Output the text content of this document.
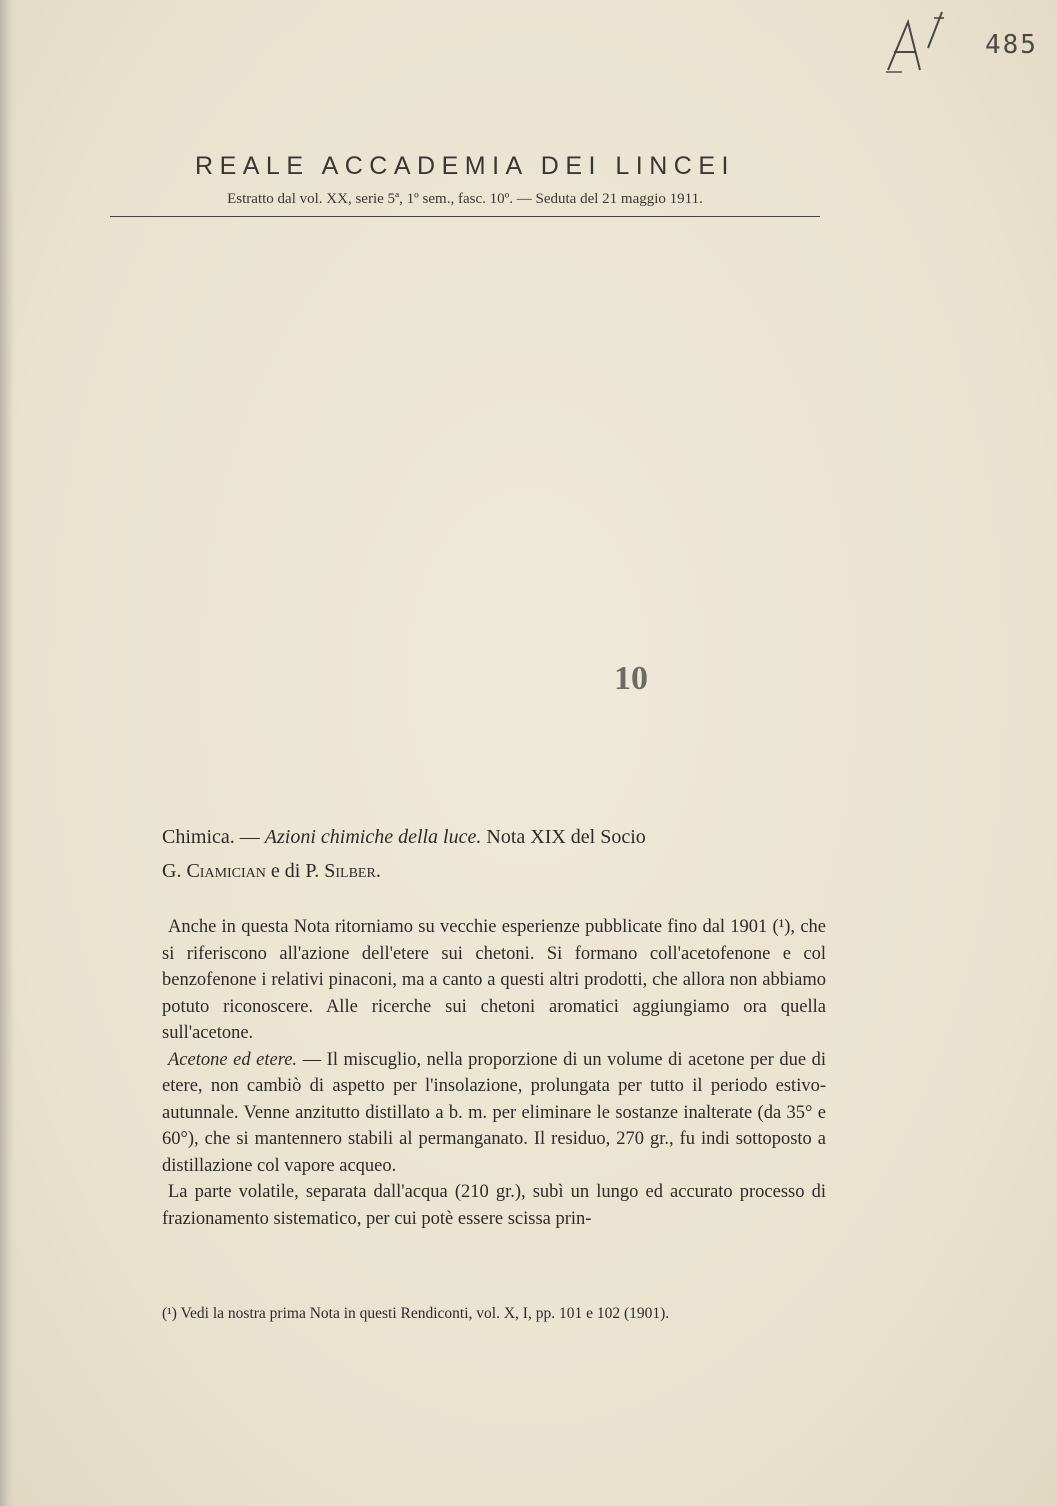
485
REALE ACCADEMIA DEI LINCEI
Estratto dal vol. XX, serie 5ª, 1º sem., fasc. 10º. — Seduta del 21 maggio 1911.
10
Chimica. — Azioni chimiche della luce. Nota XIX del Socio
G. Ciamician e di P. Silber.

Anche in questa Nota ritorniamo su vecchie esperienze pubblicate fino dal 1901 (¹), che si riferiscono all'azione dell'etere sui chetoni. Si formano coll'acetofenone e col benzofenone i relativi pinaconi, ma a canto a questi altri prodotti, che allora non abbiamo potuto riconoscere. Alle ricerche sui chetoni aromatici aggiungiamo ora quella sull'acetone.

Acetone ed etere. — Il miscuglio, nella proporzione di un volume di acetone per due di etere, non cambiò di aspetto per l'insolazione, prolungata per tutto il periodo estivo- autunnale. Venne anzitutto distillato a b. m. per eliminare le sostanze inalterate (da 35° e 60°), che si mantennero stabili al permanganato. Il residuo, 270 gr., fu indi sottoposto a distillazione col vapore acqueo.

La parte volatile, separata dall'acqua (210 gr.), subì un lungo ed accurato processo di frazionamento sistematico, per cui potè essere scissa prin-

(¹) Vedi la nostra prima Nota in questi Rendiconti, vol. X, I, pp. 101 e 102 (1901).
